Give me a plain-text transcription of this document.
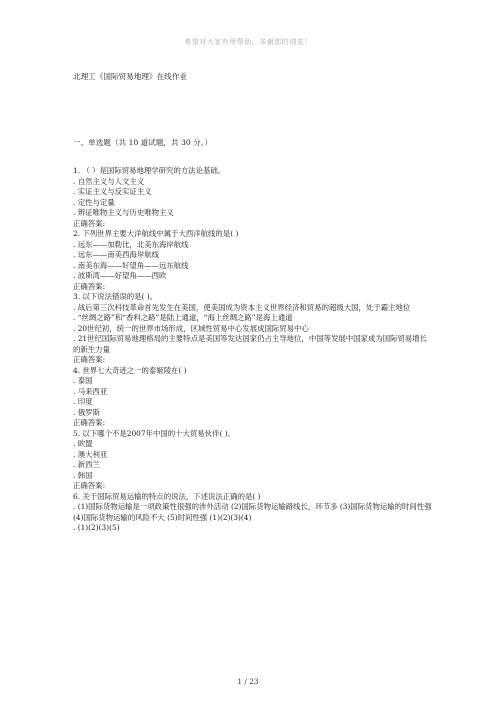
希望对大家有所帮助，多谢您的浏览！
北理工《国际贸易地理》在线作业
一、单选题（共 10 道试题，共 30 分。）
1. （ ）是国际贸易地理学研究的方法论基础。
. 自然主义与人文主义
. 实证主义与反实证主义
. 定性与定量
. 辨证唯物主义与历史唯物主义
正确答案:
2. 下列世界主要大洋航线中属于大西洋航线的是( )
. 远东——加勒比，北美东海岸航线
. 远东——南美西海岸航线
. 南美东海——好望角——远东航线
. 波斯湾——好望角——西欧
正确答案:
3. 以下说法错误的是( )。
. 战后第三次科技革命首先发生在美国，使美国成为资本主义世界经济和贸易的超级大国，处于霸主地位
. “丝绸之路”和“香料之路”是陆上通道，“海上丝绸之路”是海上通道
. 20世纪初，统一的世界市场形成，区域性贸易中心发展成国际贸易中心
. 21世纪国际贸易地理格局的主要特点是美国等发达国家仍占主导地位，中国等发展中国家成为国际贸易增长的新生力量
正确答案:
4. 世界七大奇迹之一的泰姬陵在( )
. 泰国
. 马来西亚
. 印度
. 俄罗斯
正确答案:
5. 以下哪个不是2007年中国的十大贸易伙伴( )。
. 欧盟
. 澳大利亚
. 新西兰
. 韩国
正确答案:
6. 关于国际贸易运输的特点的说法，下述说法正确的是( )
. (1)国际货物运输是一项政策性很强的涉外活动 (2)国际货物运输路线长，环节多 (3)国际货物运输的时间性强 (4)国际货物运输的风险不大 (5)时间性强 (1)(2)(3)(4)
. (1)(2)(3)(5)
1 / 23
